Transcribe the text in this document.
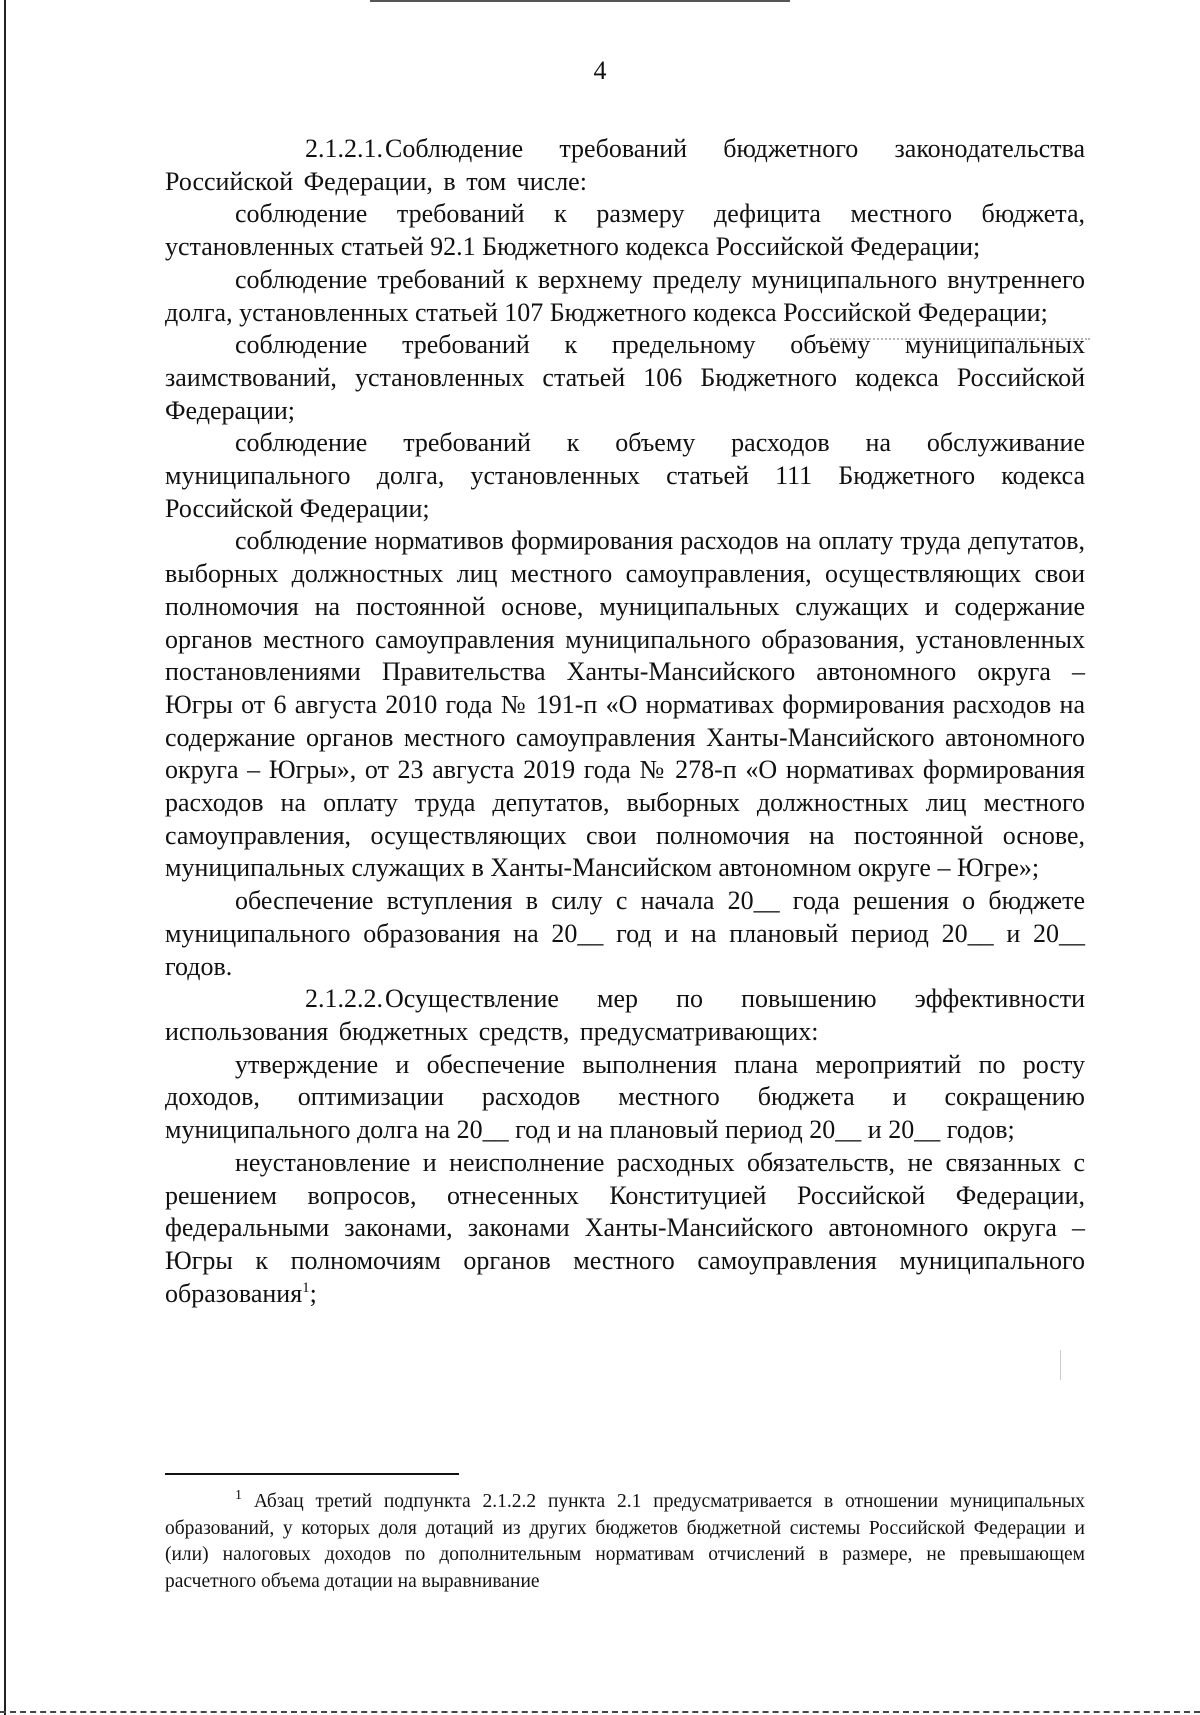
4

2.1.2.1.Соблюдение требований бюджетного законодательства Российской Федерации, в том числе:

соблюдение требований к размеру дефицита местного бюджета, установленных статьей 92.1 Бюджетного кодекса Российской Федерации;

соблюдение требований к верхнему пределу муниципального внутреннего долга, установленных статьей 107 Бюджетного кодекса Российской Федерации;

соблюдение требований к предельному объему муниципальных заимствований, установленных статьей 106 Бюджетного кодекса Российской Федерации;

соблюдение требований к объему расходов на обслуживание муниципального долга, установленных статьей 111 Бюджетного кодекса Российской Федерации;

соблюдение нормативов формирования расходов на оплату труда депутатов, выборных должностных лиц местного самоуправления, осуществляющих свои полномочия на постоянной основе, муниципальных служащих и содержание органов местного самоуправления муниципального образования, установленных постановлениями Правительства Ханты-Мансийского автономного округа – Югры от 6 августа 2010 года № 191-п «О нормативах формирования расходов на содержание органов местного самоуправления Ханты-Мансийского автономного округа – Югры», от 23 августа 2019 года № 278-п «О нормативах формирования расходов на оплату труда депутатов, выборных должностных лиц местного самоуправления, осуществляющих свои полномочия на постоянной основе, муниципальных служащих в Ханты-Мансийском автономном округе – Югре»;

обеспечение вступления в силу с начала 20__ года решения о бюджете муниципального образования на 20__ год и на плановый период 20__ и 20__ годов.

2.1.2.2.Осуществление мер по повышению эффективности использования бюджетных средств, предусматривающих:

утверждение и обеспечение выполнения плана мероприятий по росту доходов, оптимизации расходов местного бюджета и сокращению муниципального долга на 20__ год и на плановый период 20__ и 20__ годов;

неустановление и неисполнение расходных обязательств, не связанных с решением вопросов, отнесенных Конституцией Российской Федерации, федеральными законами, законами Ханты-Мансийского автономного округа – Югры к полномочиям органов местного самоуправления муниципального образования$^1$;

$^1$ Абзац третий подпункта 2.1.2.2 пункта 2.1 предусматривается в отношении муниципальных образований, у которых доля дотаций из других бюджетов бюджетной системы Российской Федерации и (или) налоговых доходов по дополнительным нормативам отчислений в размере, не превышающем расчетного объема дотации на выравнивание
